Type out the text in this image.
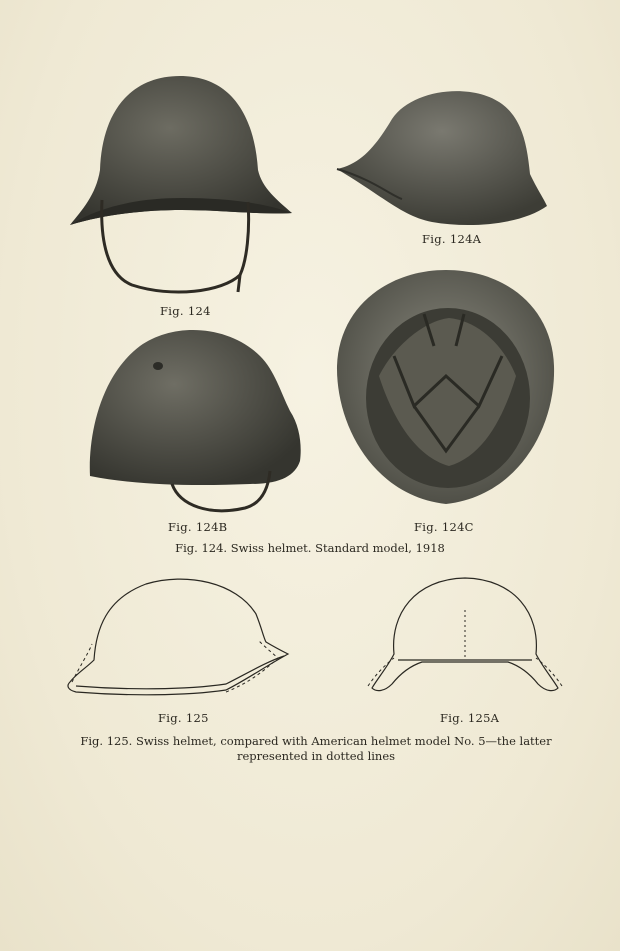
Fig. 124
Fig. 124A
Fig. 124B	Fig. 124C
Fig. 124. Swiss helmet. Standard model, 1918
Fig. 125	Fig. 125A
Fig. 125. Swiss helmet, compared with American helmet model No. 5—the latter represented in dotted lines
